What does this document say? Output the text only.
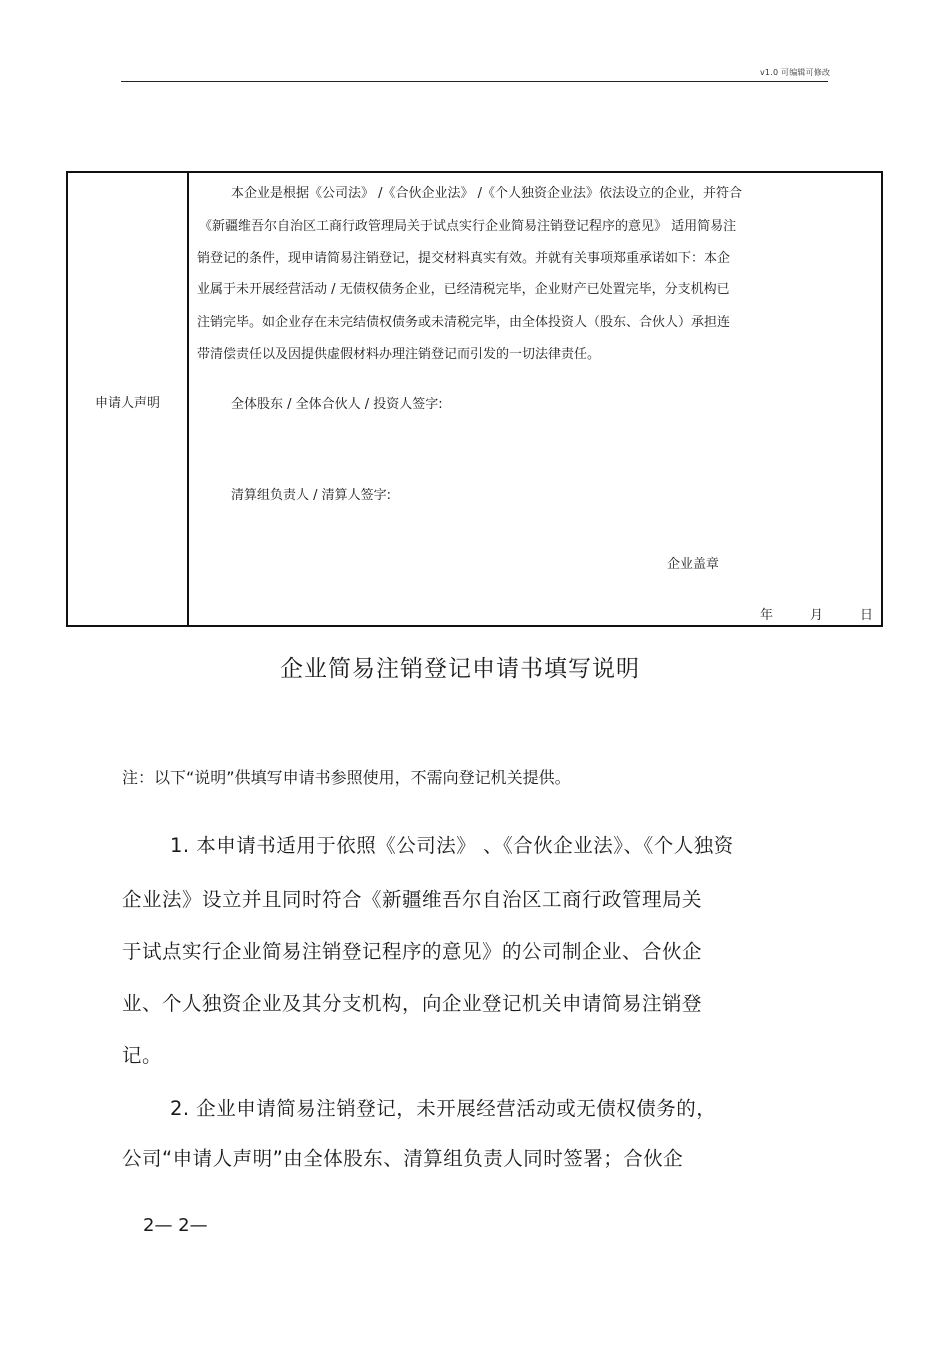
v1.0 可编辑可修改
申请人声明

本企业是根据《公司法》 /《合伙企业法》 /《个人独资企业法》依法设立的企业，并符合
《新疆维吾尔自治区工商行政管理局关于试点实行企业简易注销登记程序的意见》 适用简易注
销登记的条件，现申请简易注销登记，提交材料真实有效。并就有关事项郑重承诺如下：本企
业属于未开展经营活动 / 无债权债务企业，已经清税完毕，企业财产已处置完毕，分支机构已
注销完毕。如企业存在未完结债权债务或未清税完毕，由全体投资人（股东、合伙人）承担连
带清偿责任以及因提供虚假材料办理注销登记而引发的一切法律责任。
全体股东 / 全体合伙人 / 投资人签字:
清算组负责人 / 清算人签字:
企业盖章
年	月	日
企业简易注销登记申请书填写说明
注：以下“说明”供填写申请书参照使用，不需向登记机关提供。
1. 本申请书适用于依照《公司法》 、《合伙企业法》、《个人独资
企业法》设立并且同时符合《新疆维吾尔自治区工商行政管理局关
于试点实行企业简易注销登记程序的意见》的公司制企业、合伙企
业、个人独资企业及其分支机构，向企业登记机关申请简易注销登
记。
2. 企业申请简易注销登记，未开展经营活动或无债权债务的，
公司“申请人声明”由全体股东、清算组负责人同时签署；合伙企
2— 2—
